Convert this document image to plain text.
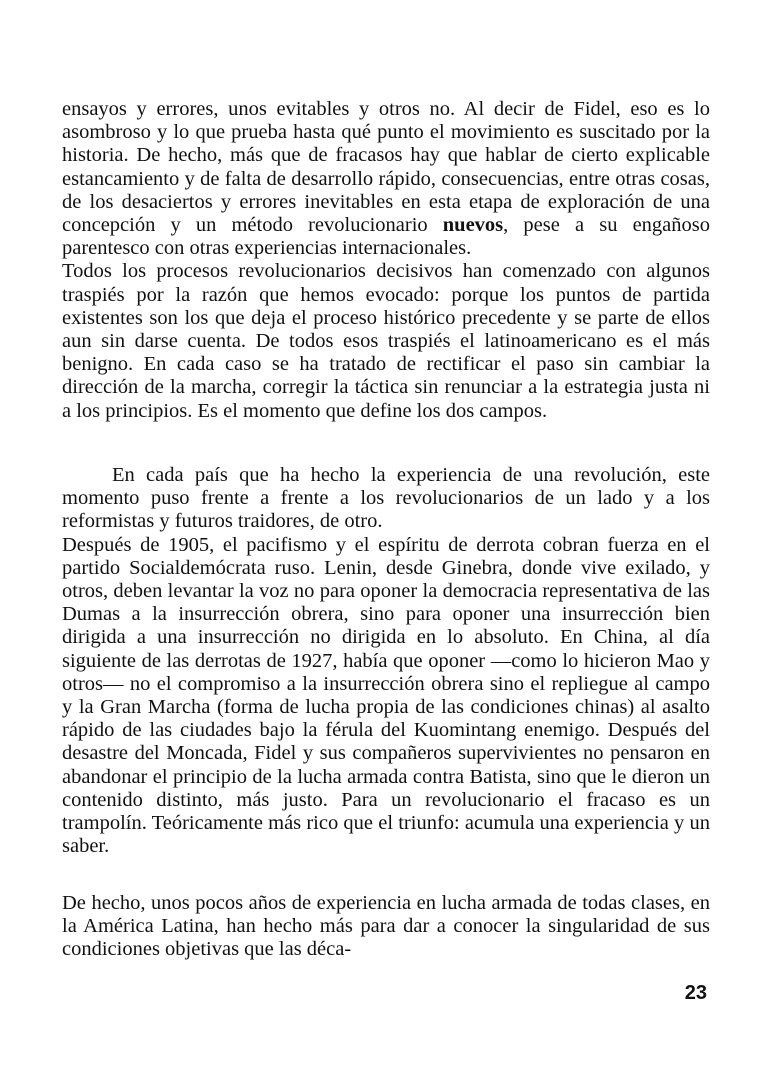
ensayos y errores, unos evitables y otros no. Al decir de Fidel, eso es lo asombroso y lo que prueba hasta qué punto el movimiento es suscitado por la historia. De hecho, más que de fracasos hay que hablar de cierto explicable estancamiento y de falta de desarrollo rápido, consecuencias, entre otras cosas, de los desaciertos y errores inevitables en esta etapa de exploración de una concepción y un método revolucionario nuevos, pese a su engañoso parentesco con otras experiencias internacionales.

Todos los procesos revolucionarios decisivos han comenzado con algunos traspiés por la razón que hemos evocado: porque los puntos de partida existentes son los que deja el proceso histórico precedente y se parte de ellos aun sin darse cuenta. De todos esos traspiés el latinoamericano es el más benigno. En cada caso se ha tratado de rectificar el paso sin cambiar la dirección de la marcha, corregir la táctica sin renunciar a la estrategia justa ni a los principios. Es el momento que define los dos campos.

En cada país que ha hecho la experiencia de una revolución, este momento puso frente a frente a los revolucionarios de un lado y a los reformistas y futuros traidores, de otro.

Después de 1905, el pacifismo y el espíritu de derrota cobran fuerza en el partido Socialdemócrata ruso. Lenin, desde Ginebra, donde vive exilado, y otros, deben levantar la voz no para oponer la democracia representativa de las Dumas a la insurrección obrera, sino para oponer una insurrección bien dirigida a una insurrección no dirigida en lo absoluto. En China, al día siguiente de las derrotas de 1927, había que oponer —como lo hicieron Mao y otros— no el compromiso a la insurrección obrera sino el repliegue al campo y la Gran Marcha (forma de lucha propia de las condiciones chinas) al asalto rápido de las ciudades bajo la férula del Kuomintang enemigo. Después del desastre del Moncada, Fidel y sus compañeros supervivientes no pensaron en abandonar el principio de la lucha armada contra Batista, sino que le dieron un contenido distinto, más justo. Para un revolucionario el fracaso es un trampolín. Teóricamente más rico que el triunfo: acumula una experiencia y un saber.

De hecho, unos pocos años de experiencia en lucha armada de todas clases, en la América Latina, han hecho más para dar a conocer la singularidad de sus condiciones objetivas que las déca-

23
